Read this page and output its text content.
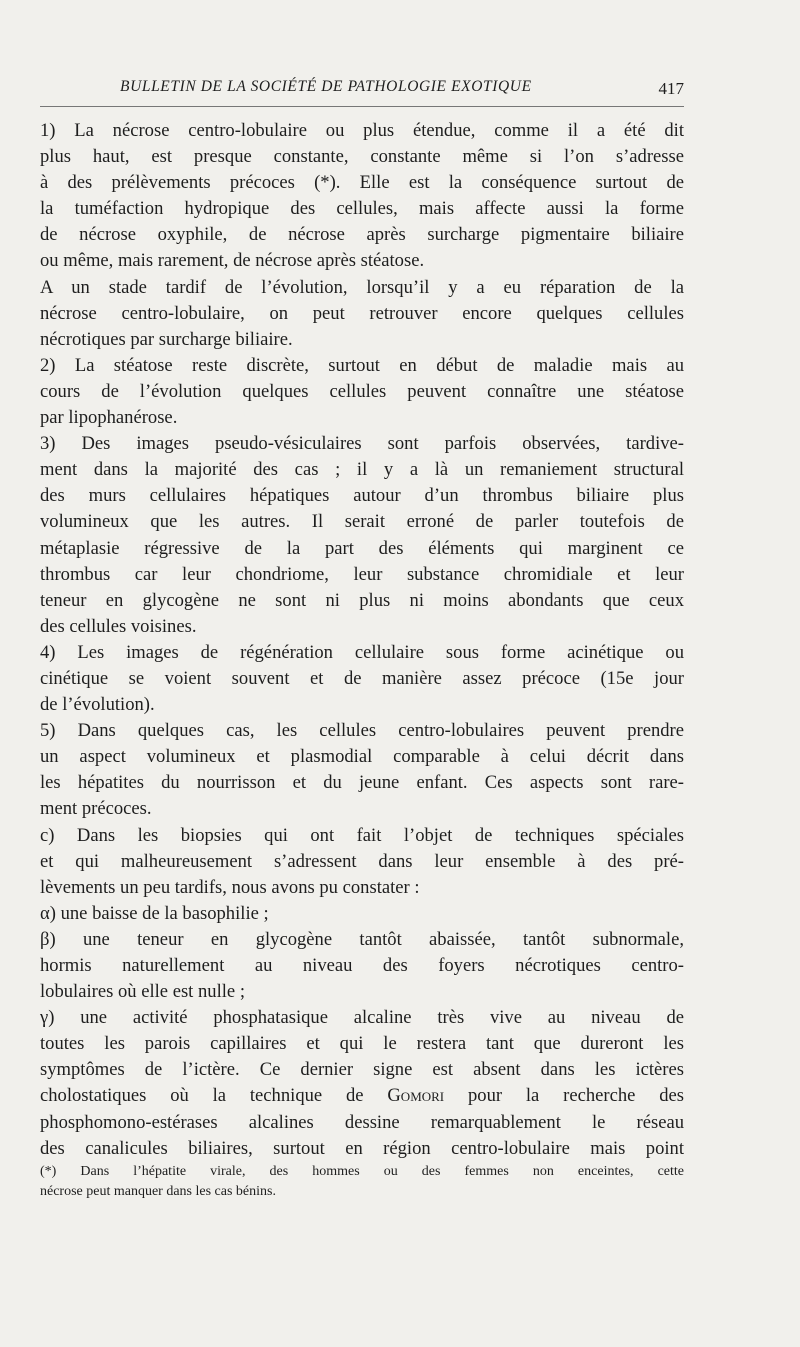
BULLETIN DE LA SOCIÉTÉ DE PATHOLOGIE EXOTIQUE	417
1) La nécrose centro-lobulaire ou plus étendue, comme il a été dit
plus haut, est presque constante, constante même si l’on s’adresse
à des prélèvements précoces (*). Elle est la conséquence surtout de
la tuméfaction hydropique des cellules, mais affecte aussi la forme
de nécrose oxyphile, de nécrose après surcharge pigmentaire biliaire
ou même, mais rarement, de nécrose après stéatose.
A un stade tardif de l’évolution, lorsqu’il y a eu réparation de la
nécrose centro-lobulaire, on peut retrouver encore quelques cellules
nécrotiques par surcharge biliaire.
2) La stéatose reste discrète, surtout en début de maladie mais au
cours de l’évolution quelques cellules peuvent connaître une stéatose
par lipophanérose.
3) Des images pseudo-vésiculaires sont parfois observées, tardive-
ment dans la majorité des cas ; il y a là un remaniement structural
des murs cellulaires hépatiques autour d’un thrombus biliaire plus
volumineux que les autres. Il serait erroné de parler toutefois de
métaplasie régressive de la part des éléments qui marginent ce
thrombus car leur chondriome, leur substance chromidiale et leur
teneur en glycogène ne sont ni plus ni moins abondants que ceux
des cellules voisines.
4) Les images de régénération cellulaire sous forme acinétique ou
cinétique se voient souvent et de manière assez précoce (15e jour
de l’évolution).
5) Dans quelques cas, les cellules centro-lobulaires peuvent prendre
un aspect volumineux et plasmodial comparable à celui décrit dans
les hépatites du nourrisson et du jeune enfant. Ces aspects sont rare-
ment précoces.
c) Dans les biopsies qui ont fait l’objet de techniques spéciales
et qui malheureusement s’adressent dans leur ensemble à des pré-
lèvements un peu tardifs, nous avons pu constater :
α) une baisse de la basophilie ;
β) une teneur en glycogène tantôt abaissée, tantôt subnormale,
hormis naturellement au niveau des foyers nécrotiques centro-
lobulaires où elle est nulle ;
γ) une activité phosphatasique alcaline très vive au niveau de
toutes les parois capillaires et qui le restera tant que dureront les
symptômes de l’ictère. Ce dernier signe est absent dans les ictères
cholostatiques où la technique de Gomori pour la recherche des
phosphomono-estérases alcalines dessine remarquablement le réseau
des canalicules biliaires, surtout en région centro-lobulaire mais point
(*) Dans l’hépatite virale, des hommes ou des femmes non enceintes, cette
nécrose peut manquer dans les cas bénins.
